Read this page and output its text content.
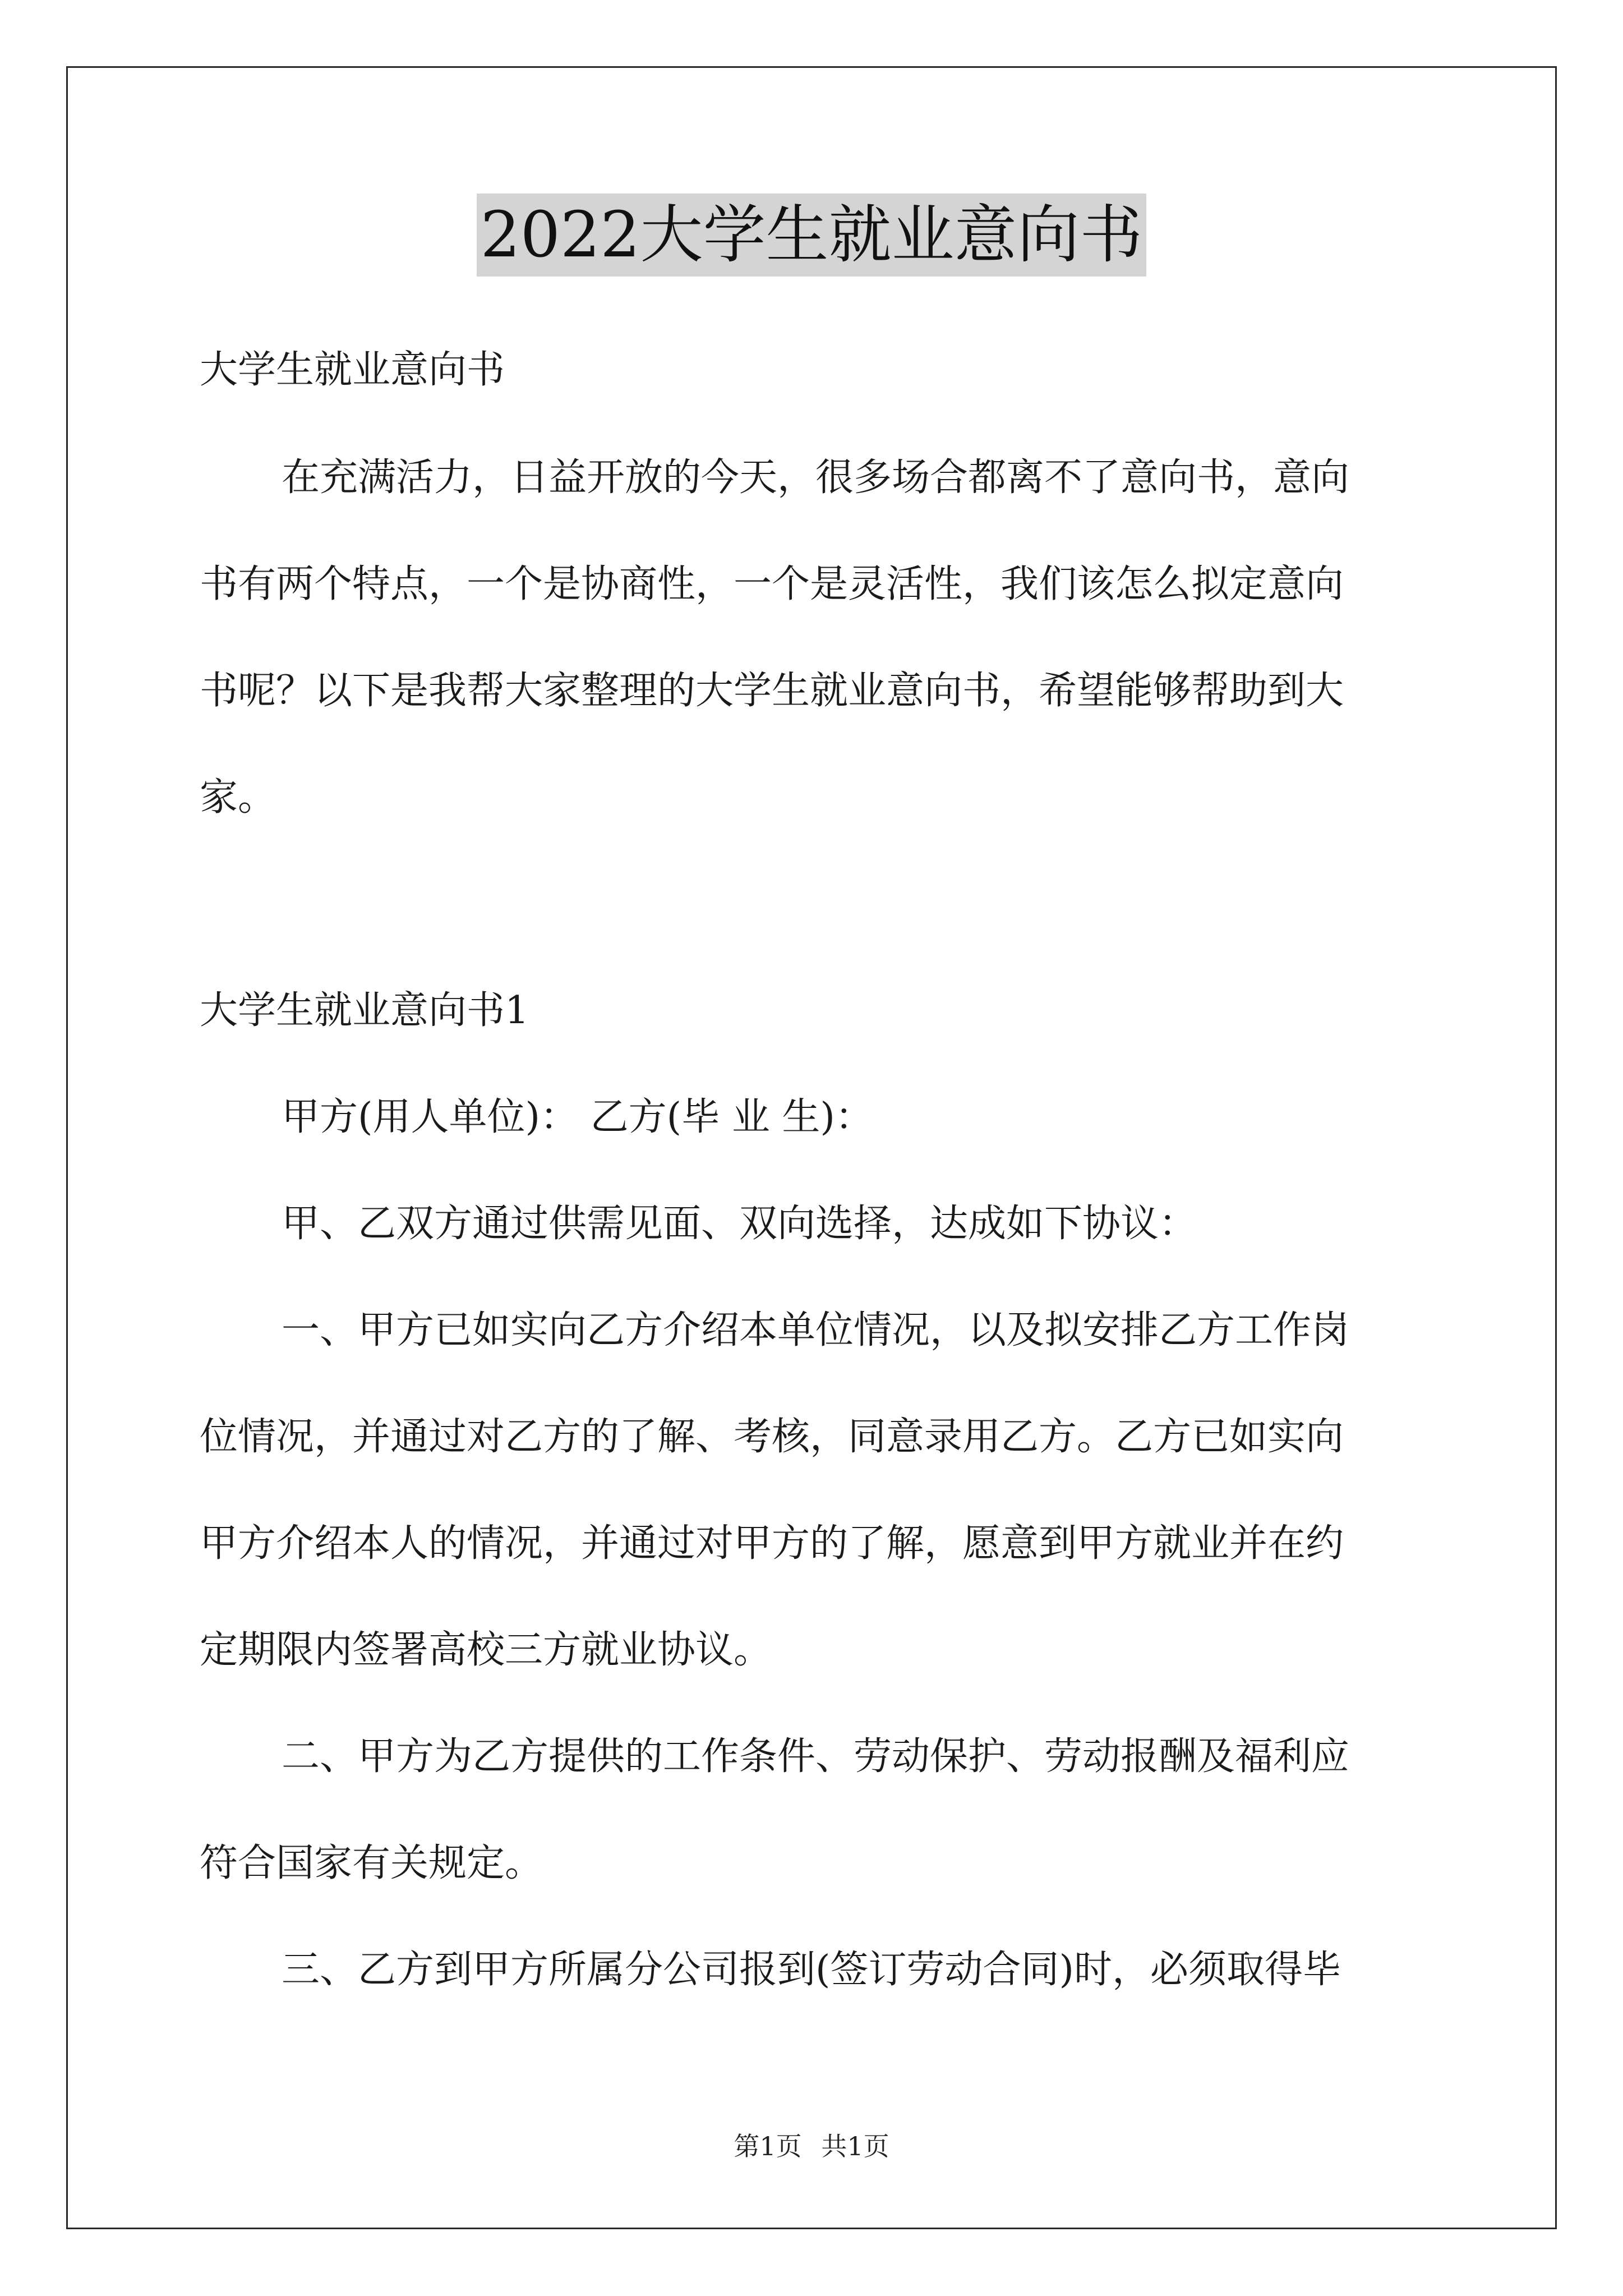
2022大学生就业意向书
大学生就业意向书
在充满活力，日益开放的今天，很多场合都离不了意向书，意向
书有两个特点，一个是协商性，一个是灵活性，我们该怎么拟定意向
书呢？以下是我帮大家整理的大学生就业意向书，希望能够帮助到大
家。
大学生就业意向书1
甲方(用人单位)： 乙方(毕 业 生)：
甲、乙双方通过供需见面、双向选择，达成如下协议：
一、甲方已如实向乙方介绍本单位情况，以及拟安排乙方工作岗
位情况，并通过对乙方的了解、考核，同意录用乙方。乙方已如实向
甲方介绍本人的情况，并通过对甲方的了解，愿意到甲方就业并在约
定期限内签署高校三方就业协议。
二、甲方为乙方提供的工作条件、劳动保护、劳动报酬及福利应
符合国家有关规定。
三、乙方到甲方所属分公司报到(签订劳动合同)时，必须取得毕
第1页 共1页
